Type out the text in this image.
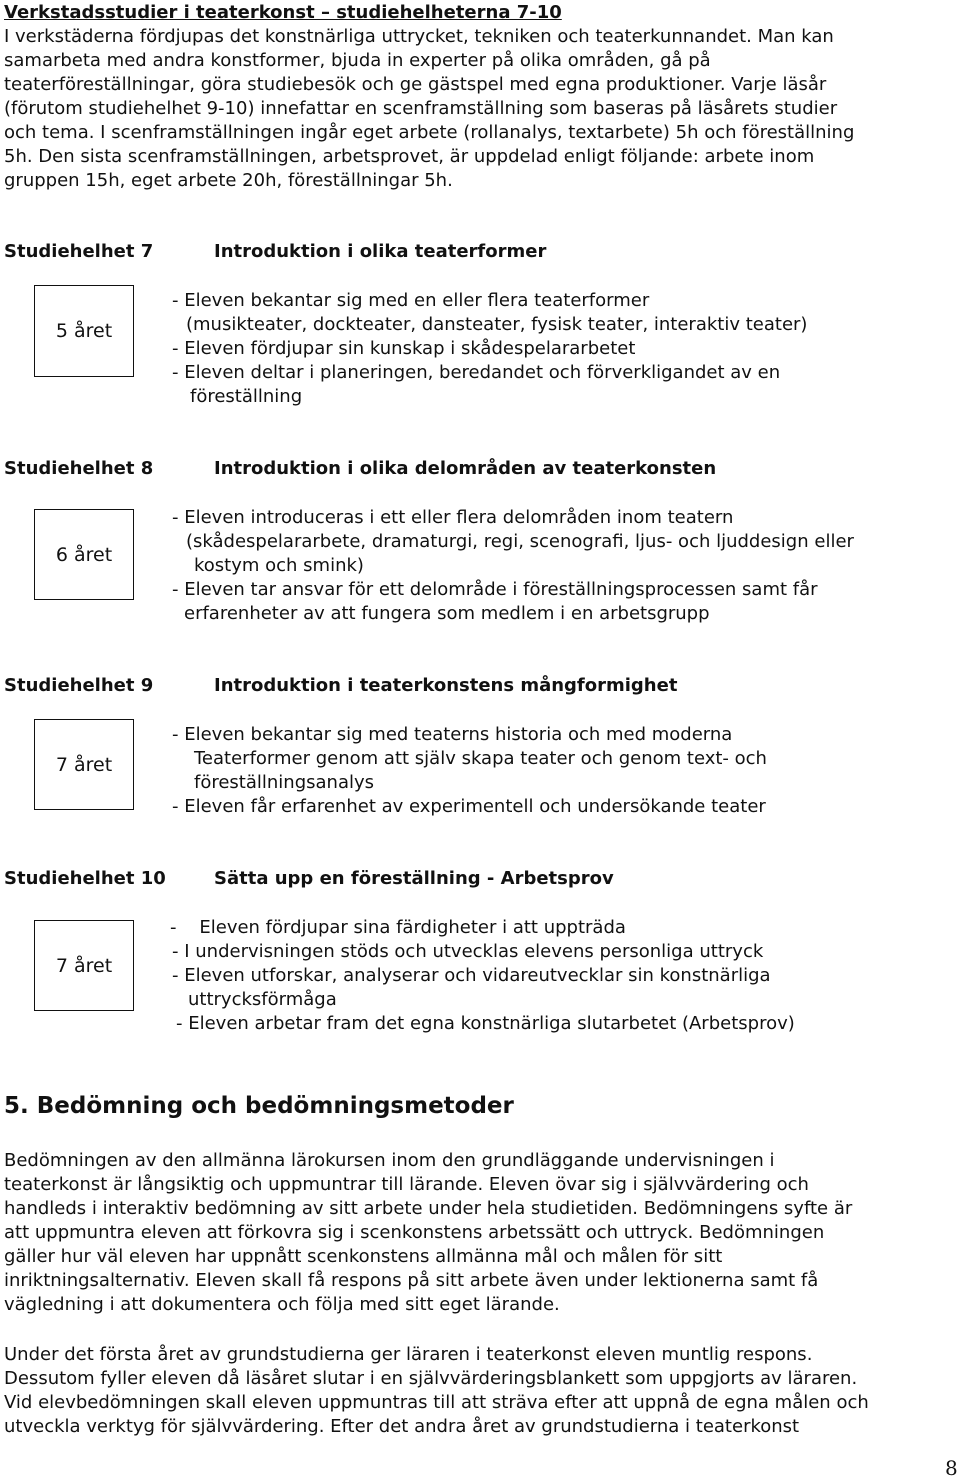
Verkstadsstudier i teaterkonst – studiehelheterna 7-10
I verkstäderna fördjupas det konstnärliga uttrycket, tekniken och teaterkunnandet. Man kan
samarbeta med andra konstformer, bjuda in experter på olika områden, gå på
teaterföreställningar, göra studiebesök och ge gästspel med egna produktioner. Varje läsår
(förutom studiehelhet 9-10) innefattar en scenframställning som baseras på läsårets studier
och tema. I scenframställningen ingår eget arbete (rollanalys, textarbete) 5h och föreställning
5h. Den sista scenframställningen, arbetsprovet, är uppdelad enligt följande: arbete inom
gruppen 15h, eget arbete 20h, föreställningar 5h.
Studiehelhet 7	Introduktion i olika teaterformer
5 året
- Eleven bekantar sig med en eller flera teaterformer
(musikteater, dockteater, dansteater, fysisk teater, interaktiv teater)
- Eleven fördjupar sin kunskap i skådespelararbetet
- Eleven deltar i planeringen, beredandet och förverkligandet av en
föreställning
Studiehelhet 8	Introduktion i olika delområden av teaterkonsten
6 året
- Eleven introduceras i ett eller flera delområden inom teatern
(skådespelararbete, dramaturgi, regi, scenografi, ljus- och ljuddesign eller
kostym och smink)
- Eleven tar ansvar för ett delområde i föreställningsprocessen samt får
erfarenheter av att fungera som medlem i en arbetsgrupp
Studiehelhet 9	Introduktion i teaterkonstens mångformighet
7 året
- Eleven bekantar sig med teaterns historia och med moderna
Teaterformer genom att själv skapa teater och genom text- och
föreställningsanalys
- Eleven får erfarenhet av experimentell och undersökande teater
Studiehelhet 10	Sätta upp en föreställning - Arbetsprov
7 året
-    Eleven fördjupar sina färdigheter i att uppträda
- I undervisningen stöds och utvecklas elevens personliga uttryck
- Eleven utforskar, analyserar och vidareutvecklar sin konstnärliga
uttrycksförmåga
- Eleven arbetar fram det egna konstnärliga slutarbetet (Arbetsprov)
5. Bedömning och bedömningsmetoder
Bedömningen av den allmänna lärokursen inom den grundläggande undervisningen i
teaterkonst är långsiktig och uppmuntrar till lärande. Eleven övar sig i självvärdering och
handleds i interaktiv bedömning av sitt arbete under hela studietiden. Bedömningens syfte är
att uppmuntra eleven att förkovra sig i scenkonstens arbetssätt och uttryck. Bedömningen
gäller hur väl eleven har uppnått scenkonstens allmänna mål och målen för sitt
inriktningsalternativ. Eleven skall få respons på sitt arbete även under lektionerna samt få
vägledning i att dokumentera och följa med sitt eget lärande.
Under det första året av grundstudierna ger läraren i teaterkonst eleven muntlig respons.
Dessutom fyller eleven då läsåret slutar i en självvärderingsblankett som uppgjorts av läraren.
Vid elevbedömningen skall eleven uppmuntras till att sträva efter att uppnå de egna målen och
utveckla verktyg för självvärdering. Efter det andra året av grundstudierna i teaterkonst
8
